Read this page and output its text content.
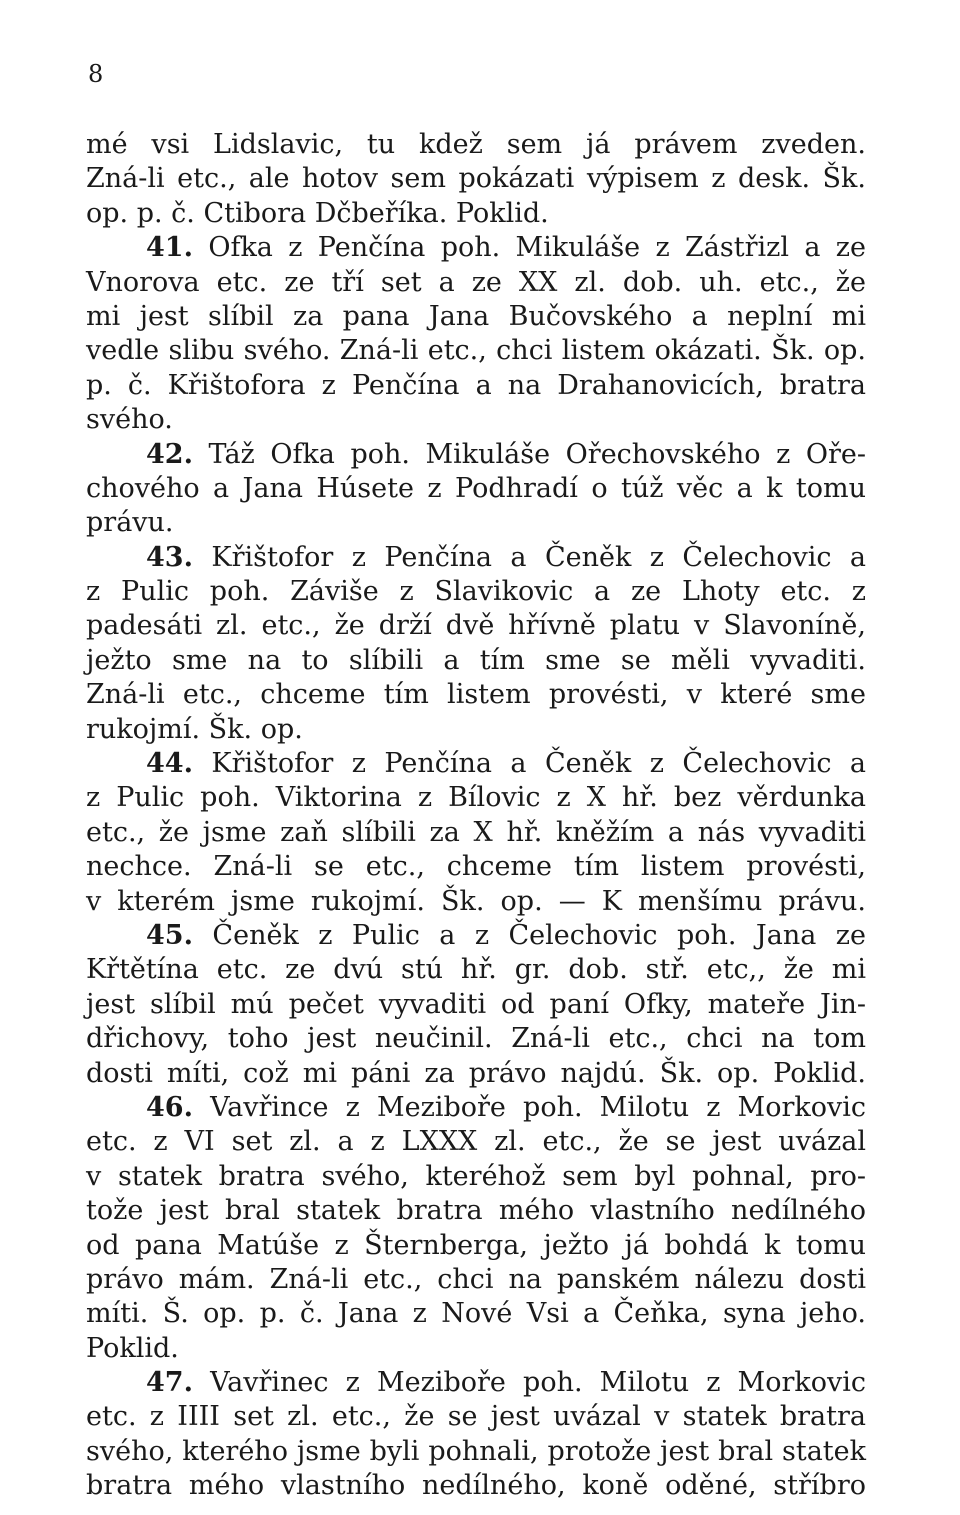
8
mé vsi Lidslavic, tu kdež sem já právem zveden.
Zná-li etc., ale hotov sem pokázati výpisem z desk. Šk.
op. p. č. Ctibora Dčbeříka. Poklid.
41. Ofka z Penčína poh. Mikuláše z Zástřizl a ze
Vnorova etc. ze tří set a ze XX zl. dob. uh. etc., že
mi jest slíbil za pana Jana Bučovského a neplní mi
vedle slibu svého. Zná-li etc., chci listem okázati. Šk. op.
p. č. Křištofora z Penčína a na Drahanovicích, bratra
svého.
42. Táž Ofka poh. Mikuláše Ořechovského z Oře-
chového a Jana Húsete z Podhradí o túž věc a k tomu
právu.
43. Křištofor z Penčína a Čeněk z Čelechovic a
z Pulic poh. Záviše z Slavikovic a ze Lhoty etc. z
padesáti zl. etc., že drží dvě hřívně platu v Slavoníně,
ježto sme na to slíbili a tím sme se měli vyvaditi.
Zná-li etc., chceme tím listem provésti, v které sme
rukojmí. Šk. op.
44. Křištofor z Penčína a Čeněk z Čelechovic a
z Pulic poh. Viktorina z Bílovic z X hř. bez věrdunka
etc., že jsme zaň slíbili za X hř. kněžím a nás vyvaditi
nechce. Zná-li se etc., chceme tím listem provésti,
v kterém jsme rukojmí. Šk. op. — K menšímu právu.
45. Čeněk z Pulic a z Čelechovic poh. Jana ze
Křtětína etc. ze dvú stú hř. gr. dob. stř. etc,, že mi
jest slíbil mú pečet vyvaditi od paní Ofky, mateře Jin-
dřichovy, toho jest neučinil. Zná-li etc., chci na tom
dosti míti, což mi páni za právo najdú. Šk. op. Poklid.
46. Vavřince z Meziboře poh. Milotu z Morkovic
etc. z VI set zl. a z LXXX zl. etc., že se jest uvázal
v statek bratra svého, kteréhož sem byl pohnal, pro-
tože jest bral statek bratra mého vlastního nedílného
od pana Matúše z Šternberga, ježto já bohdá k tomu
právo mám. Zná-li etc., chci na panském nálezu dosti
míti. Š. op. p. č. Jana z Nové Vsi a Čeňka, syna jeho.
Poklid.
47. Vavřinec z Meziboře poh. Milotu z Morkovic
etc. z IIII set zl. etc., že se jest uvázal v statek bratra
svého, kterého jsme byli pohnali, protože jest bral statek
bratra mého vlastního nedílného, koně oděné, stříbro
